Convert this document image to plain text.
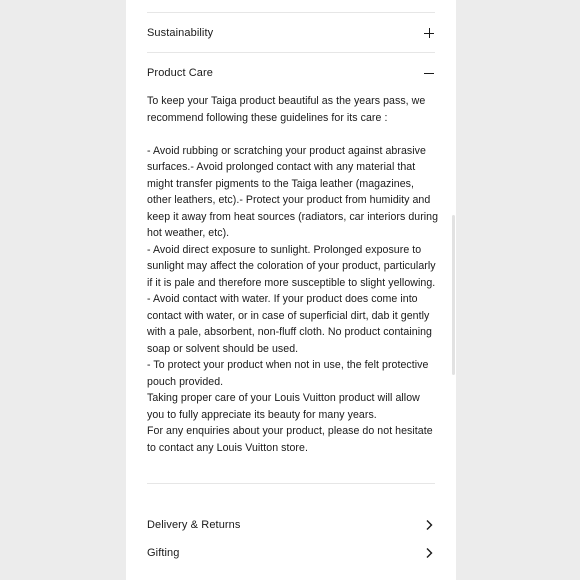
Sustainability
Product Care

To keep your Taiga product beautiful as the years pass, we recommend following these guidelines for its care :

- Avoid rubbing or scratching your product against abrasive surfaces.- Avoid prolonged contact with any material that might transfer pigments to the Taiga leather (magazines, other leathers, etc).- Protect your product from humidity and keep it away from heat sources (radiators, car interiors during hot weather, etc).

- Avoid direct exposure to sunlight. Prolonged exposure to sunlight may affect the coloration of your product, particularly if it is pale and therefore more susceptible to slight yellowing.

- Avoid contact with water. If your product does come into contact with water, or in case of superficial dirt, dab it gently with a pale, absorbent, non-fluff cloth. No product containing soap or solvent should be used.

- To protect your product when not in use, the felt protective pouch provided.

Taking proper care of your Louis Vuitton product will allow you to fully appreciate its beauty for many years.

For any enquiries about your product, please do not hesitate to contact any Louis Vuitton store.

Delivery & Returns
Gifting
